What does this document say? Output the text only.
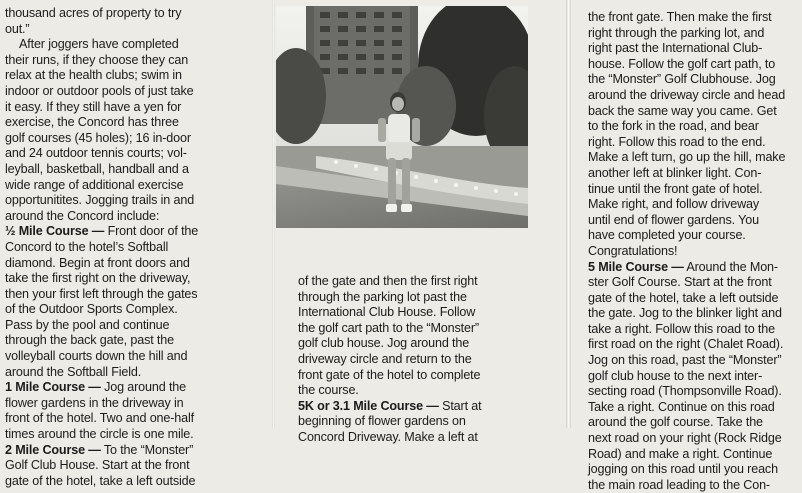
thousand acres of property to try

out.”

After joggers have completed

their runs, if they choose they can

relax at the health clubs; swim in

indoor or outdoor pools of just take

it easy. If they still have a yen for

exercise, the Concord has three

golf courses (45 holes); 16 in-door

and 24 outdoor tennis courts; vol-

leyball, basketball, handball and a

wide range of additional exercise

opportunitites. Jogging trails in and

around the Concord include:

½ Mile Course — Front door of the

Concord to the hotel’s Softball

diamond. Begin at front doors and

take the first right on the driveway,

then your first left through the gates

of the Outdoor Sports Complex.

Pass by the pool and continue

through the back gate, past the

volleyball courts down the hill and

around the Softball Field.

1 Mile Course — Jog around the

flower gardens in the driveway in

front of the hotel. Two and one-half

times around the circle is one mile.

2 Mile Course — To the “Monster”

Golf Club House. Start at the front

gate of the hotel, take a left outside

of the gate and then the first right

through the parking lot past the

International Club House. Follow

the golf cart path to the “Monster”

golf club house. Jog around the

driveway circle and return to the

front gate of the hotel to complete

the course.

5K or 3.1 Mile Course — Start at

beginning of flower gardens on

Concord Driveway. Make a left at

the front gate. Then make the first

right through the parking lot, and

right past the International Club-

house. Follow the golf cart path, to

the “Monster” Golf Clubhouse. Jog

around the driveway circle and head

back the same way you came. Get

to the fork in the road, and bear

right. Follow this road to the end.

Make a left turn, go up the hill, make

another left at blinker light. Con-

tinue until the front gate of hotel.

Make right, and follow driveway

until end of flower gardens. You

have completed your course.

Congratulations!

5 Mile Course — Around the Mon-

ster Golf Course. Start at the front

gate of the hotel, take a left outside

the gate. Jog to the blinker light and

take a right. Follow this road to the

first road on the right (Chalet Road).

Jog on this road, past the “Monster”

golf club house to the next inter-

secting road (Thompsonville Road).

Take a right. Continue on this road

around the golf course. Take the

next road on your right (Rock Ridge

Road) and make a right. Continue

jogging on this road until you reach

the main road leading to the Con-
